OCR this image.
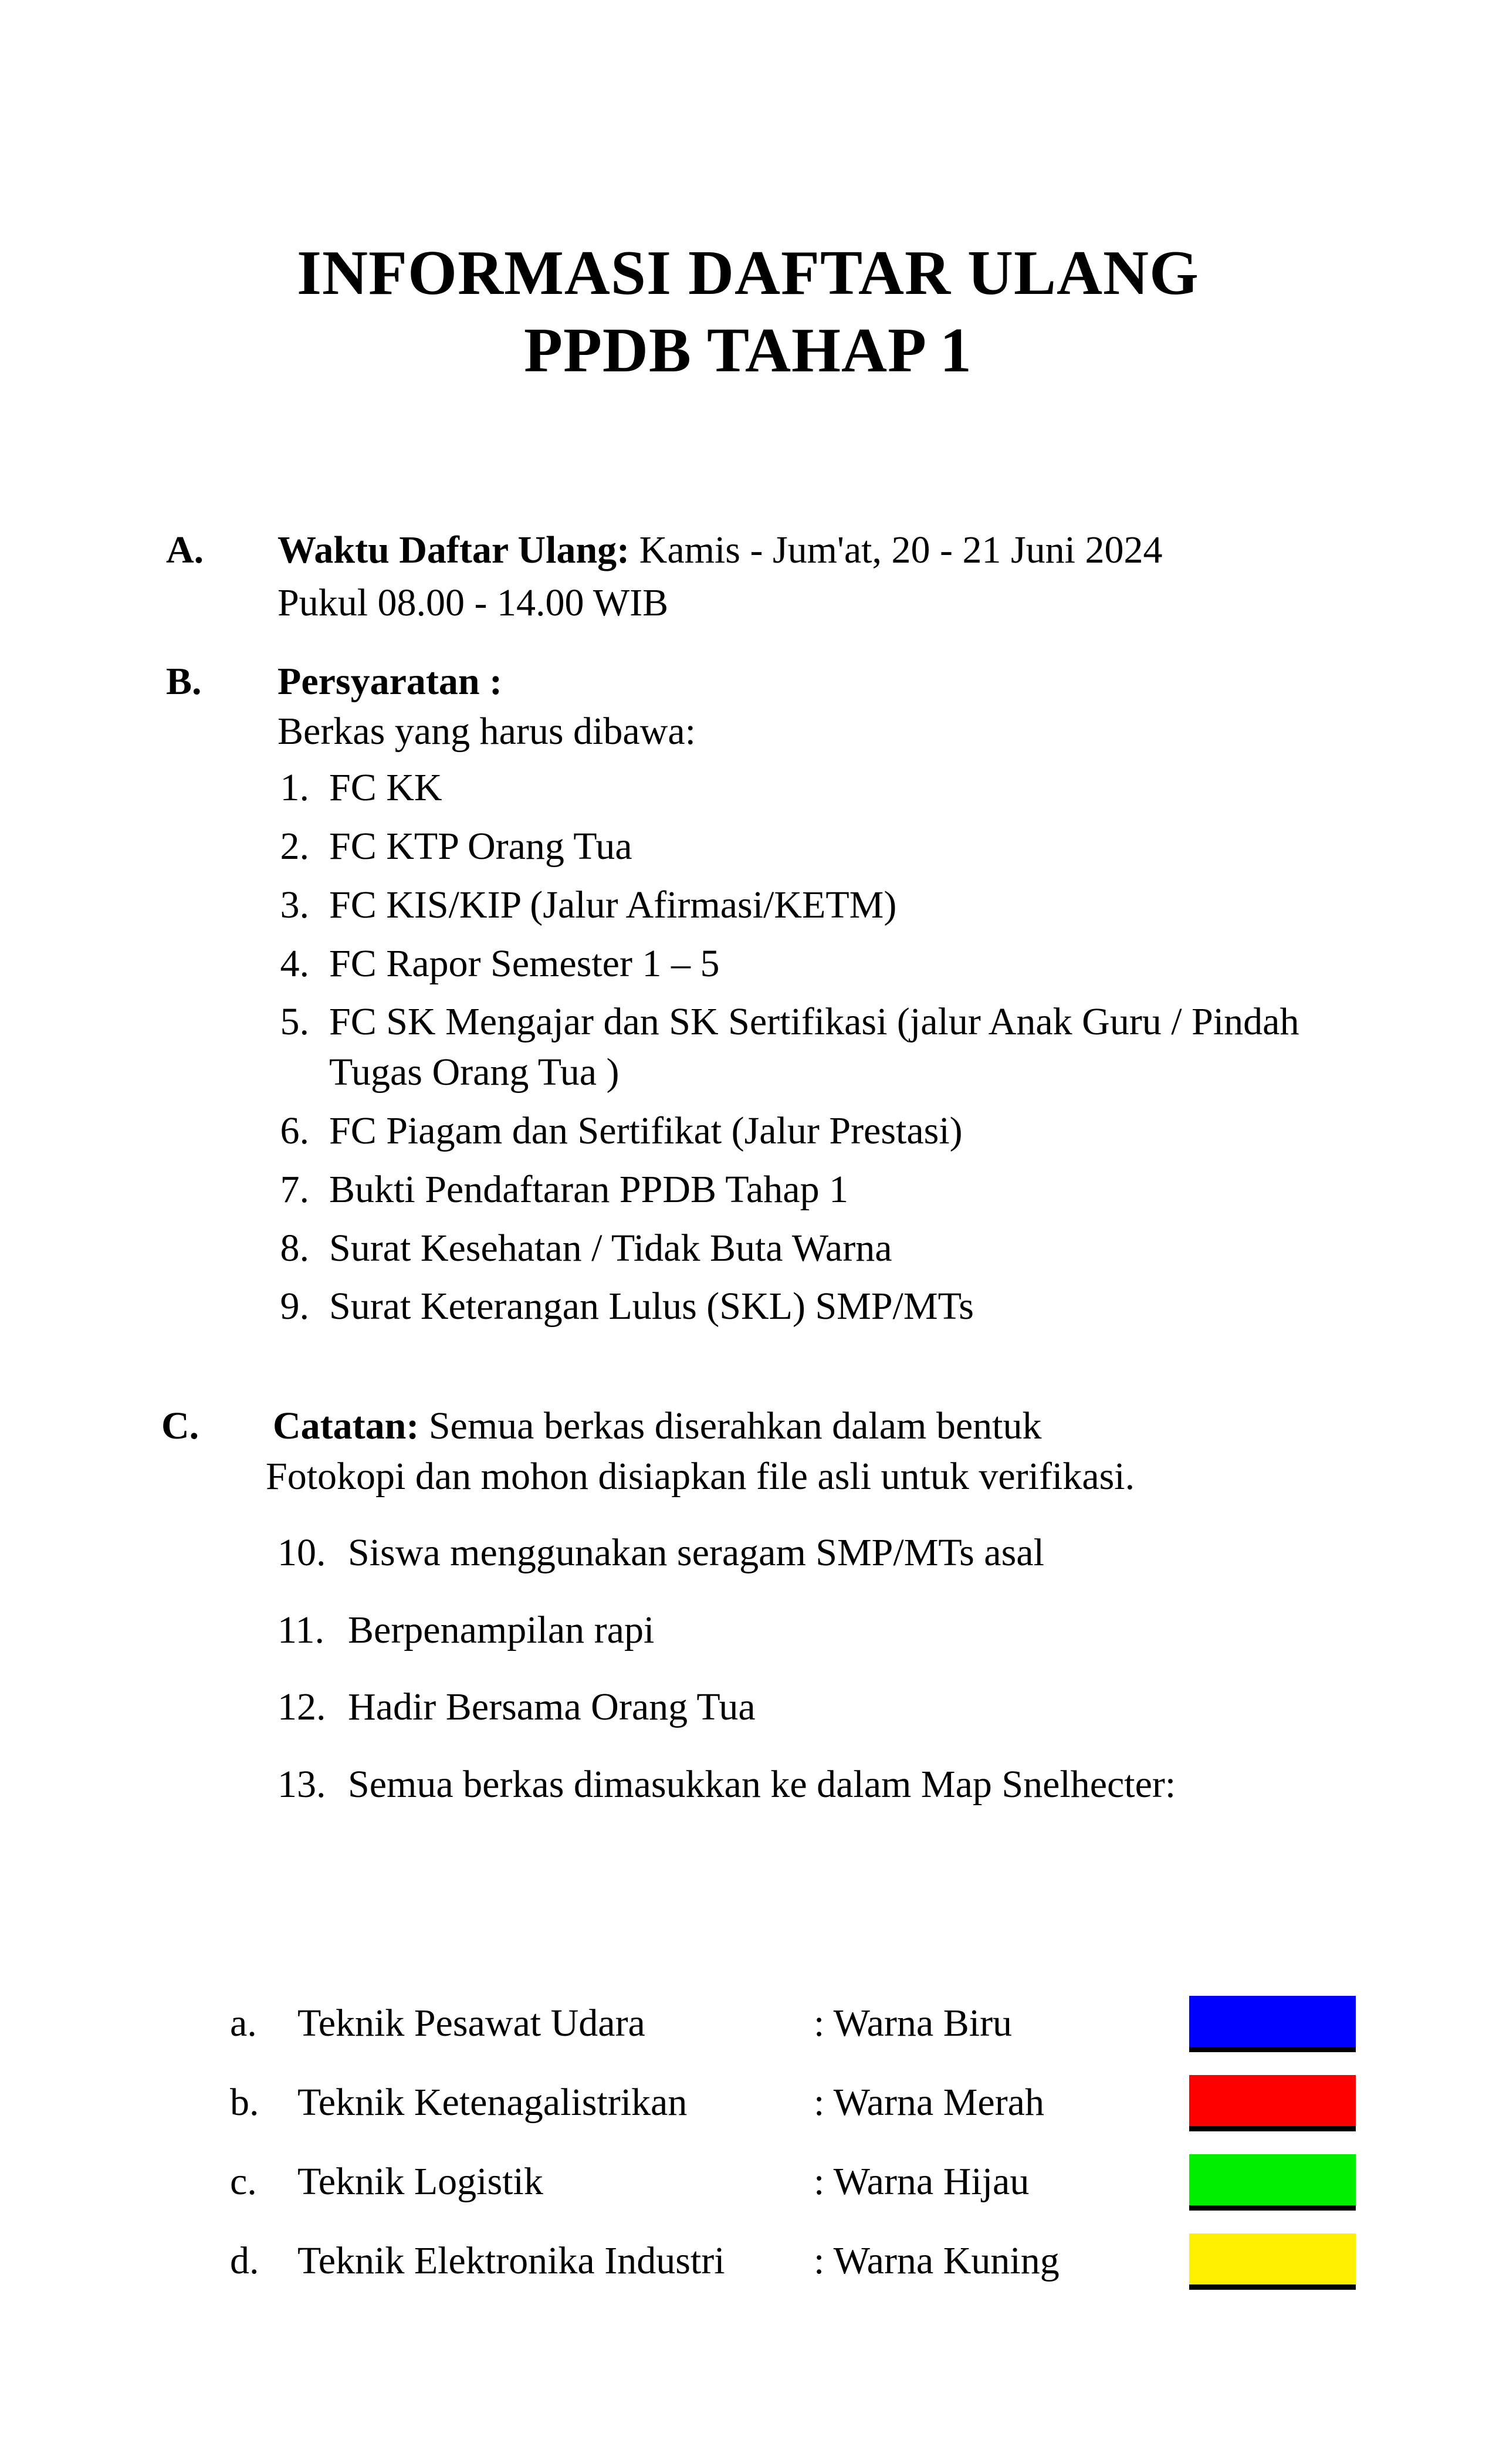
INFORMASI DAFTAR ULANG
PPDB TAHAP 1
A.	Waktu Daftar Ulang: Kamis - Jum'at, 20 - 21 Juni 2024

Pukul 08.00 - 14.00 WIB

B.	Persyaratan :

Berkas yang harus dibawa:

1. FC KK
2. FC KTP Orang Tua
3. FC KIS/KIP (Jalur Afirmasi/KETM)
4. FC Rapor Semester 1 – 5
5. FC SK Mengajar dan SK Sertifikasi (jalur Anak Guru / Pindah Tugas Orang Tua )
6. FC Piagam dan Sertifikat (Jalur Prestasi)
7. Bukti Pendaftaran PPDB Tahap 1
8. Surat Kesehatan / Tidak Buta Warna
9. Surat Keterangan Lulus (SKL) SMP/MTs
C.	Catatan: Semua berkas diserahkan dalam bentuk

Fotokopi dan mohon disiapkan file asli untuk verifikasi.

10. Siswa menggunakan seragam SMP/MTs asal
11. Berpenampilan rapi
12. Hadir Bersama Orang Tua
13. Semua berkas dimasukkan ke dalam Map Snelhecter:
a.	Teknik Pesawat Udara	: Warna Biru
b. Teknik Ketenagalistrikan	: Warna Merah
c.	Teknik Logistik	: Warna Hijau
d. Teknik Elektronika Industri	: Warna Kuning
